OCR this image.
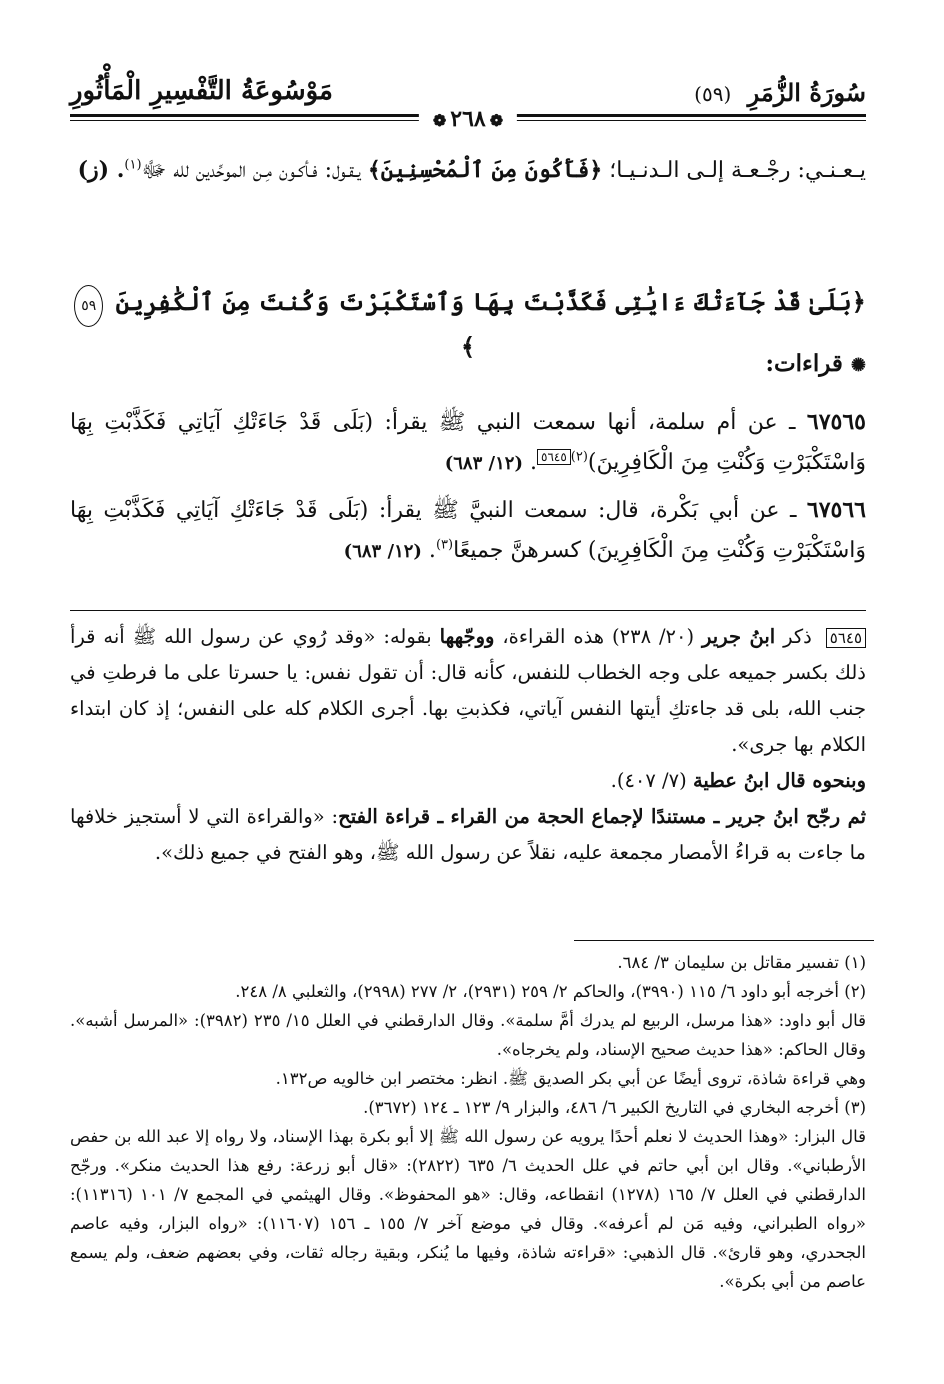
سُورَةُ الزُّمَرِ (٥٩)
مَوْسُوعَةُ التَّفْسِيرِ الْمَأْثُورِ
❁٢٦٨❁

يـعـنـي: رجْـعـة إلـى الـدنـيـا؛ ﴿فَأَكُونَ مِنَ ٱلْمُحْسِنِينَ﴾ يـقـول: فـأكـون مِـن الموحِّدين لله ﷻ$^{(١)}$. (ز)

﴿بَلَىٰ قَدْ جَآءَتْكَ ءَايَٰتِى فَكَذَّبْتَ بِهَا وَٱسْتَكْبَرْتَ وَكُنتَ مِنَ ٱلْكَٰفِرِينَ ٥٩﴾
✺قراءات:

٦٧٥٦٥ ـ عن أم سلمة، أنها سمعت النبي ﷺ يقرأ: (بَلَى قَدْ جَاءَتْكِ آيَاتِي فَكَذَّبْتِ بِهَا وَاسْتَكْبَرْتِ وَكُنْتِ مِنَ الْكَافِرِينَ)$^{(٢)}$٥٦٤٥. (١٢/ ٦٨٣)

٦٧٥٦٦ ـ عن أبي بَكْرة، قال: سمعت النبيَّ ﷺ يقرأ: (بَلَى قَدْ جَاءَتْكِ آيَاتِي فَكَذَّبْتِ بِهَا وَاسْتَكْبَرْتِ وَكُنْتِ مِنَ الْكَافِرِينَ) كسرهنَّ جميعًا$^{(٣)}$. (١٢/ ٦٨٣)

٥٦٤٥ ذكر ابنُ جرير (٢٠/ ٢٣٨) هذه القراءة، ووجّهها بقوله: «وقد رُوي عن رسول الله ﷺ أنه قرأ ذلك بكسر جميعه على وجه الخطاب للنفس، كأنه قال: أن تقول نفس: يا حسرتا على ما فرطتِ في جنب الله، بلى قد جاءتكِ أيتها النفس آياتي، فكذبتِ بها. أجرى الكلام كله على النفس؛ إذ كان ابتداء الكلام بها جرى».

وبنحوه قال ابنُ عطية (٧/ ٤٠٧).

ثم رجّح ابنُ جرير ـ مستندًا لإجماع الحجة من القراء ـ قراءة الفتح: «والقراءة التي لا أستجيز خلافها ما جاءت به قراءُ الأمصار مجمعة عليه، نقلاً عن رسول الله ﷺ، وهو الفتح في جميع ذلك».

(١) تفسير مقاتل بن سليمان ٣/ ٦٨٤.

(٢) أخرجه أبو داود ٦/ ١١٥ (٣٩٩٠)، والحاكم ٢/ ٢٥٩ (٢٩٣١)، ٢/ ٢٧٧ (٢٩٩٨)، والثعلبي ٨/ ٢٤٨.

قال أبو داود: «هذا مرسل، الربيع لم يدرك أمَّ سلمة». وقال الدارقطني في العلل ١٥/ ٢٣٥ (٣٩٨٢): «المرسل أشبه». وقال الحاكم: «هذا حديث صحيح الإسناد، ولم يخرجاه».

وهي قراءة شاذة، تروى أيضًا عن أبي بكر الصديق ﷺ. انظر: مختصر ابن خالويه ص١٣٢.

(٣) أخرجه البخاري في التاريخ الكبير ٦/ ٤٨٦، والبزار ٩/ ١٢٣ ـ ١٢٤ (٣٦٧٢).

قال البزار: «وهذا الحديث لا نعلم أحدًا يرويه عن رسول الله ﷺ إلا أبو بكرة بهذا الإسناد، ولا رواه إلا عبد الله بن حفص الأرطباني». وقال ابن أبي حاتم في علل الحديث ٦/ ٦٣٥ (٢٨٢٢): «قال أبو زرعة: رفع هذا الحديث منكر». ورجّح الدارقطني في العلل ٧/ ١٦٥ (١٢٧٨) انقطاعه، وقال: «هو المحفوظ». وقال الهيثمي في المجمع ٧/ ١٠١ (١١٣١٦): «رواه الطبراني، وفيه مَن لم أعرفه». وقال في موضع آخر ٧/ ١٥٥ ـ ١٥٦ (١١٦٠٧): «رواه البزار، وفيه عاصم الجحدري، وهو قارئ». قال الذهبي: «قراءته شاذة، وفيها ما يُنكر، وبقية رجاله ثقات، وفي بعضهم ضعف، ولم يسمع عاصم من أبي بكرة».
